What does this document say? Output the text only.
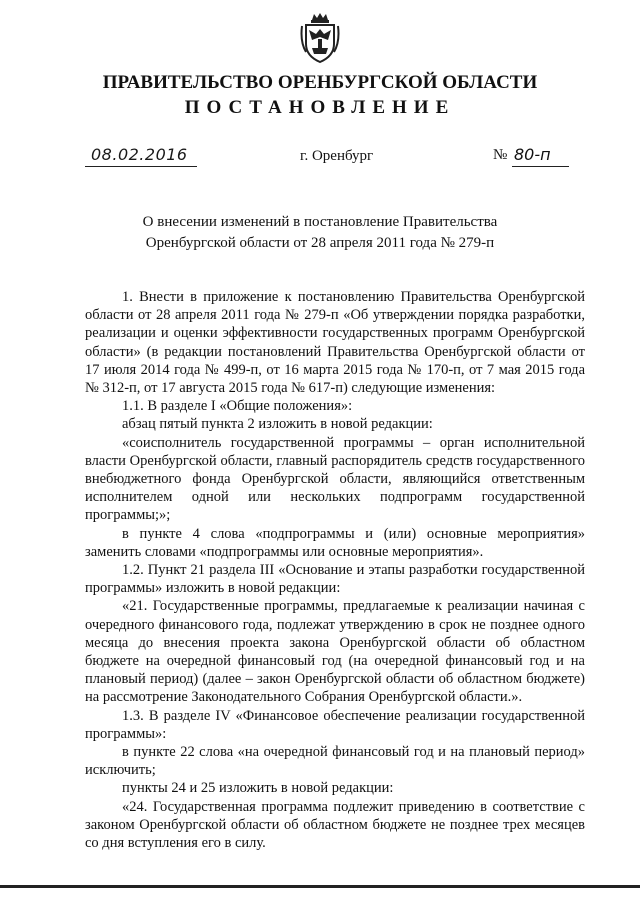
ПРАВИТЕЛЬСТВО ОРЕНБУРГСКОЙ ОБЛАСТИ
ПОСТАНОВЛЕНИЕ
08.02.2016	г. Оренбург	№ 80-п
О внесении изменений в постановление Правительства
Оренбургской области от 28 апреля 2011 года № 279-п

1. Внести в приложение к постановлению Правительства Оренбургской области от 28 апреля 2011 года № 279-п «Об утверждении порядка разработки, реализации и оценки эффективности государственных программ Оренбургской области» (в редакции постановлений Правительства Оренбургской области от 17 июля 2014 года № 499-п, от 16 марта 2015 года № 170-п, от 7 мая 2015 года № 312-п, от 17 августа 2015 года № 617-п) следующие изменения:

1.1. В разделе I «Общие положения»:

абзац пятый пункта 2 изложить в новой редакции:

«соисполнитель государственной программы – орган исполнительной власти Оренбургской области, главный распорядитель средств государственного внебюджетного фонда Оренбургской области, являющийся ответственным исполнителем одной или нескольких подпрограмм государственной программы;»;

в пункте 4 слова «подпрограммы и (или) основные мероприятия» заменить словами «подпрограммы или основные мероприятия».

1.2. Пункт 21 раздела III «Основание и этапы разработки государственной программы» изложить в новой редакции:

«21. Государственные программы, предлагаемые к реализации начиная с очередного финансового года, подлежат утверждению в срок не позднее одного месяца до внесения проекта закона Оренбургской области об областном бюджете на очередной финансовый год (на очередной финансовый год и на плановый период) (далее – закон Оренбургской области об областном бюджете) на рассмотрение Законодательного Собрания Оренбургской области.».

1.3. В разделе IV «Финансовое обеспечение реализации государственной программы»:

в пункте 22 слова «на очередной финансовый год и на плановый период» исключить;

пункты 24 и 25 изложить в новой редакции:

«24. Государственная программа подлежит приведению в соответствие с законом Оренбургской области об областном бюджете не позднее трех месяцев со дня вступления его в силу.
